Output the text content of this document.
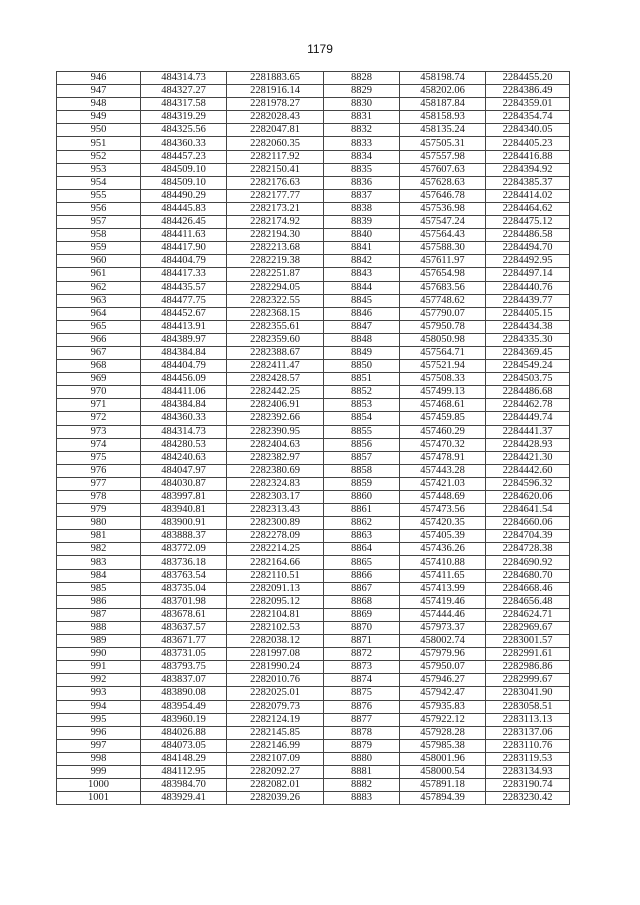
1179
946	484314.73	2281883.65	8828	458198.74	2284455.20
947	484327.27	2281916.14	8829	458202.06	2284386.49
948	484317.58	2281978.27	8830	458187.84	2284359.01
949	484319.29	2282028.43	8831	458158.93	2284354.74
950	484325.56	2282047.81	8832	458135.24	2284340.05
951	484360.33	2282060.35	8833	457505.31	2284405.23
952	484457.23	2282117.92	8834	457557.98	2284416.88
953	484509.10	2282150.41	8835	457607.63	2284394.92
954	484509.10	2282176.63	8836	457628.63	2284385.37
955	484490.29	2282177.77	8837	457646.78	2284414.02
956	484445.83	2282173.21	8838	457536.98	2284464.62
957	484426.45	2282174.92	8839	457547.24	2284475.12
958	484411.63	2282194.30	8840	457564.43	2284486.58
959	484417.90	2282213.68	8841	457588.30	2284494.70
960	484404.79	2282219.38	8842	457611.97	2284492.95
961	484417.33	2282251.87	8843	457654.98	2284497.14
962	484435.57	2282294.05	8844	457683.56	2284440.76
963	484477.75	2282322.55	8845	457748.62	2284439.77
964	484452.67	2282368.15	8846	457790.07	2284405.15
965	484413.91	2282355.61	8847	457950.78	2284434.38
966	484389.97	2282359.60	8848	458050.98	2284335.30
967	484384.84	2282388.67	8849	457564.71	2284369.45
968	484404.79	2282411.47	8850	457521.94	2284549.24
969	484456.09	2282428.57	8851	457508.33	2284503.75
970	484411.06	2282442.25	8852	457499.13	2284486.68
971	484384.84	2282406.91	8853	457468.61	2284462.78
972	484360.33	2282392.66	8854	457459.85	2284449.74
973	484314.73	2282390.95	8855	457460.29	2284441.37
974	484280.53	2282404.63	8856	457470.32	2284428.93
975	484240.63	2282382.97	8857	457478.91	2284421.30
976	484047.97	2282380.69	8858	457443.28	2284442.60
977	484030.87	2282324.83	8859	457421.03	2284596.32
978	483997.81	2282303.17	8860	457448.69	2284620.06
979	483940.81	2282313.43	8861	457473.56	2284641.54
980	483900.91	2282300.89	8862	457420.35	2284660.06
981	483888.37	2282278.09	8863	457405.39	2284704.39
982	483772.09	2282214.25	8864	457436.26	2284728.38
983	483736.18	2282164.66	8865	457410.88	2284690.92
984	483763.54	2282110.51	8866	457411.65	2284680.70
985	483735.04	2282091.13	8867	457413.99	2284668.46
986	483701.98	2282095.12	8868	457419.46	2284656.48
987	483678.61	2282104.81	8869	457444.46	2284624.71
988	483637.57	2282102.53	8870	457973.37	2282969.67
989	483671.77	2282038.12	8871	458002.74	2283001.57
990	483731.05	2281997.08	8872	457979.96	2282991.61
991	483793.75	2281990.24	8873	457950.07	2282986.86
992	483837.07	2282010.76	8874	457946.27	2282999.67
993	483890.08	2282025.01	8875	457942.47	2283041.90
994	483954.49	2282079.73	8876	457935.83	2283058.51
995	483960.19	2282124.19	8877	457922.12	2283113.13
996	484026.88	2282145.85	8878	457928.28	2283137.06
997	484073.05	2282146.99	8879	457985.38	2283110.76
998	484148.29	2282107.09	8880	458001.96	2283119.53
999	484112.95	2282092.27	8881	458000.54	2283134.93
1000	483984.70	2282082.01	8882	457891.18	2283190.74
1001	483929.41	2282039.26	8883	457894.39	2283230.42
